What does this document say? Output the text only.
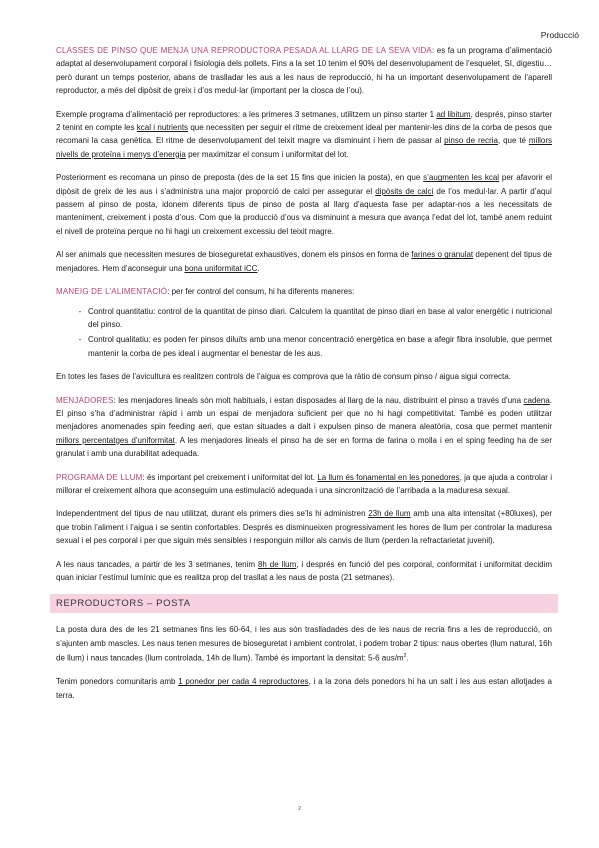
Producció

CLASSES DE PINSO QUE MENJA UNA REPRODUCTORA PESADA AL LLARG DE LA SEVA VIDA: es fa un programa d’alimentació adaptat al desenvolupament corporal i fisiologia dels pollets. Fins a la set 10 tenim el 90% del desenvolupament de l’esquelet, SI, digestiu… però durant un temps posterior, abans de traslladar les aus a les naus de reproducció, hi ha un important desenvolupament de l’aparell reproductor, a més del dipòsit de greix i d’os medul·lar (important per la closca de l’ou).

Exemple programa d’alimentació per reproductores: a les primeres 3 setmanes, utilitzem un pinso starter 1 ad libitum, després, pinso starter 2 tenint en compte les kcal i nutrients que necessiten per seguir el ritme de creixement ideal per mantenir-les dins de la corba de pesos que recomani la casa genètica. El ritme de desenvolupament del teixit magre va disminuint i hem de passar al pinso de recria, que té millors nivells de proteïna i menys d’energia per maximitzar el consum i uniformitat del lot.

Posteriorment es recomana un pinso de preposta (des de la set 15 fins que inicien la posta), en que s’augmenten les kcal per afavorir el dipòsit de greix de les aus i s’administra una major proporció de calci per assegurar el dipòsits de calci de l’os medul·lar. A partir d’aquí passem al pinso de posta, idonem diferents tipus de pinso de posta al llarg d’aquesta fase per adaptar-nos a les necessitats de manteniment, creixement i posta d’ous. Com que la producció d’ous va disminuint a mesura que avança l’edat del lot, també anem reduint el nivell de proteïna perque no hi hagi un creixement excessiu del teixit magre.

Al ser animals que necessiten mesures de bioseguretat exhaustives, donem els pinsos en forma de farines o granulat depenent del tipus de menjadores. Hem d’aconseguir una bona uniformitat iCC.

MANEIG DE L’ALIMENTACIÓ: per fer control del consum, hi ha diferents maneres:

• Control quantitatiu: control de la quantitat de pinso diari. Calculem la quantitat de pinso diari en base al valor energètic i nutricional del pinso.
• Control qualitatiu: es poden fer pinsos diluïts amb una menor concentració energètica en base a afegir fibra insoluble, que permet mantenir la corba de pes ideal i augmentar el benestar de les aus.

En totes les fases de l’avicultura es realitzen controls de l’aigua es comprova que la ràtio de consum pinso / aigua sigui correcta.

MENJADORES: les menjadores lineals són molt habituals, i estan disposades al llarg de la nau, distribuint el pinso a través d’una cadena. El pinso s’ha d’administrar ràpid i amb un espai de menjadora suficient per que no hi hagi competitivitat. També es poden utilitzar menjadores anomenades spin feeding aeri, que estan situades a dalt i expulsen pinso de manera aleatòria, cosa que permet mantenir millors percentatges d’uniformitat. A les menjadores lineals el pinso ha de ser en forma de farina o molla i en el sping feeding ha de ser granulat i amb una durabilitat adequada.

PROGRAMA DE LLUM: és important pel creixement i uniformitat del lot. La llum és fonamental en les ponedores, ja que ajuda a controlar i millorar el creixement alhora que aconseguim una estimulació adequada i una sincronització de l’arribada a la maduresa sexual.

Independentment del tipus de nau utilitzat, durant els primers dies se’ls hi administren 23h de llum amb una alta intensitat (+80luxes), per que trobin l’aliment i l’aigua i se sentin confortables. Després es disminueixen progressivament les hores de llum per controlar la maduresa sexual i el pes corporal i per que siguin més sensibles i responguin millor als canvis de llum (perden la refractarietat juvenil).

A les naus tancades, a partir de les 3 setmanes, tenim 8h de llum, i després en funció del pes corporal, conformitat i uniformitat decidim quan iniciar l’estímul lumínic que es realitza prop del trasllat a les naus de posta (21 setmanes).

REPRODUCTORS – POSTA

La posta dura des de les 21 setmanes fins les 60-64, i les aus són traslladades des de les naus de recria fins a les de reproducció, on s’ajunten amb mascles. Les naus tenen mesures de bioseguretat i ambient controlat, i podem trobar 2 tipus: naus obertes (llum natural, 16h de llum) i naus tancades (llum controlada, 14h de llum). També és important la densitat: 5-6 aus/$m^2$.

Tenim ponedors comunitaris amb 1 ponedor per cada 4 reproductores, i a la zona dels ponedors hi ha un salt i les aus estan allotjades a terra.

2
